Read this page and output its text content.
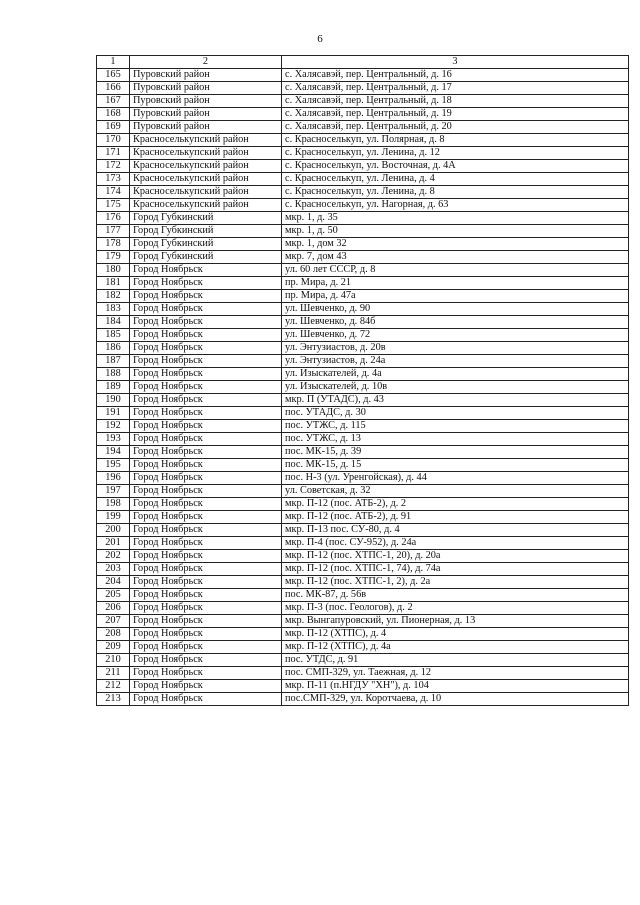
6
1	2	3
165	Пуровский район	с. Халясавэй, пер. Центральный, д. 16
166	Пуровский район	с. Халясавэй, пер. Центральный, д. 17
167	Пуровский район	с. Халясавэй, пер. Центральный, д. 18
168	Пуровский район	с. Халясавэй, пер. Центральный, д. 19
169	Пуровский район	с. Халясавэй, пер. Центральный, д. 20
170	Красноселькупский район	с. Красноселькуп, ул. Полярная, д. 8
171	Красноселькупский район	с. Красноселькуп, ул. Ленина, д. 12
172	Красноселькупский район	с. Красноселькуп, ул. Восточная, д. 4А
173	Красноселькупский район	с. Красноселькуп, ул. Ленина, д. 4
174	Красноселькупский район	с. Красноселькуп, ул. Ленина, д. 8
175	Красноселькупский район	с. Красноселькуп, ул. Нагорная, д. 63
176	Город Губкинский	мкр. 1, д. 35
177	Город Губкинский	мкр. 1, д. 50
178	Город Губкинский	мкр. 1, дом 32
179	Город Губкинский	мкр. 7, дом 43
180	Город Ноябрьск	ул. 60 лет СССР, д. 8
181	Город Ноябрьск	пр. Мира, д. 21
182	Город Ноябрьск	пр. Мира, д. 47а
183	Город Ноябрьск	ул. Шевченко, д. 90
184	Город Ноябрьск	ул. Шевченко, д. 84б
185	Город Ноябрьск	ул. Шевченко, д. 72
186	Город Ноябрьск	ул. Энтузиастов, д. 20в
187	Город Ноябрьск	ул. Энтузиастов, д. 24а
188	Город Ноябрьск	ул. Изыскателей, д. 4а
189	Город Ноябрьск	ул. Изыскателей, д. 10в
190	Город Ноябрьск	мкр. П (УТАДС), д. 43
191	Город Ноябрьск	пос. УТАДС, д. 30
192	Город Ноябрьск	пос. УТЖС, д. 115
193	Город Ноябрьск	пос. УТЖС, д. 13
194	Город Ноябрьск	пос. МК-15, д. 39
195	Город Ноябрьск	пос. МК-15, д. 15
196	Город Ноябрьск	пос. Н-3 (ул. Уренгойская), д. 44
197	Город Ноябрьск	ул. Советская, д. 32
198	Город Ноябрьск	мкр. П-12 (пос. АТБ-2), д. 2
199	Город Ноябрьск	мкр. П-12 (пос. АТБ-2), д. 91
200	Город Ноябрьск	мкр. П-13 пос. СУ-80, д. 4
201	Город Ноябрьск	мкр. П-4 (пос. СУ-952), д. 24а
202	Город Ноябрьск	мкр. П-12 (пос. ХТПС-1, 20), д. 20а
203	Город Ноябрьск	мкр. П-12 (пос. ХТПС-1, 74), д. 74а
204	Город Ноябрьск	мкр. П-12 (пос. ХТПС-1, 2), д. 2а
205	Город Ноябрьск	пос. МК-87, д. 56в
206	Город Ноябрьск	мкр. П-3 (пос. Геологов), д. 2
207	Город Ноябрьск	мкр. Вынгапуровский, ул. Пионерная, д. 13
208	Город Ноябрьск	мкр. П-12 (ХТПС), д. 4
209	Город Ноябрьск	мкр. П-12 (ХТПС), д. 4а
210	Город Ноябрьск	пос. УТДС, д. 91
211	Город Ноябрьск	пос. СМП-329, ул. Таежная, д. 12
212	Город Ноябрьск	мкр. П-11 (п.НГДУ "ХН"), д. 104
213	Город Ноябрьск	пос.СМП-329, ул. Коротчаева, д. 10
